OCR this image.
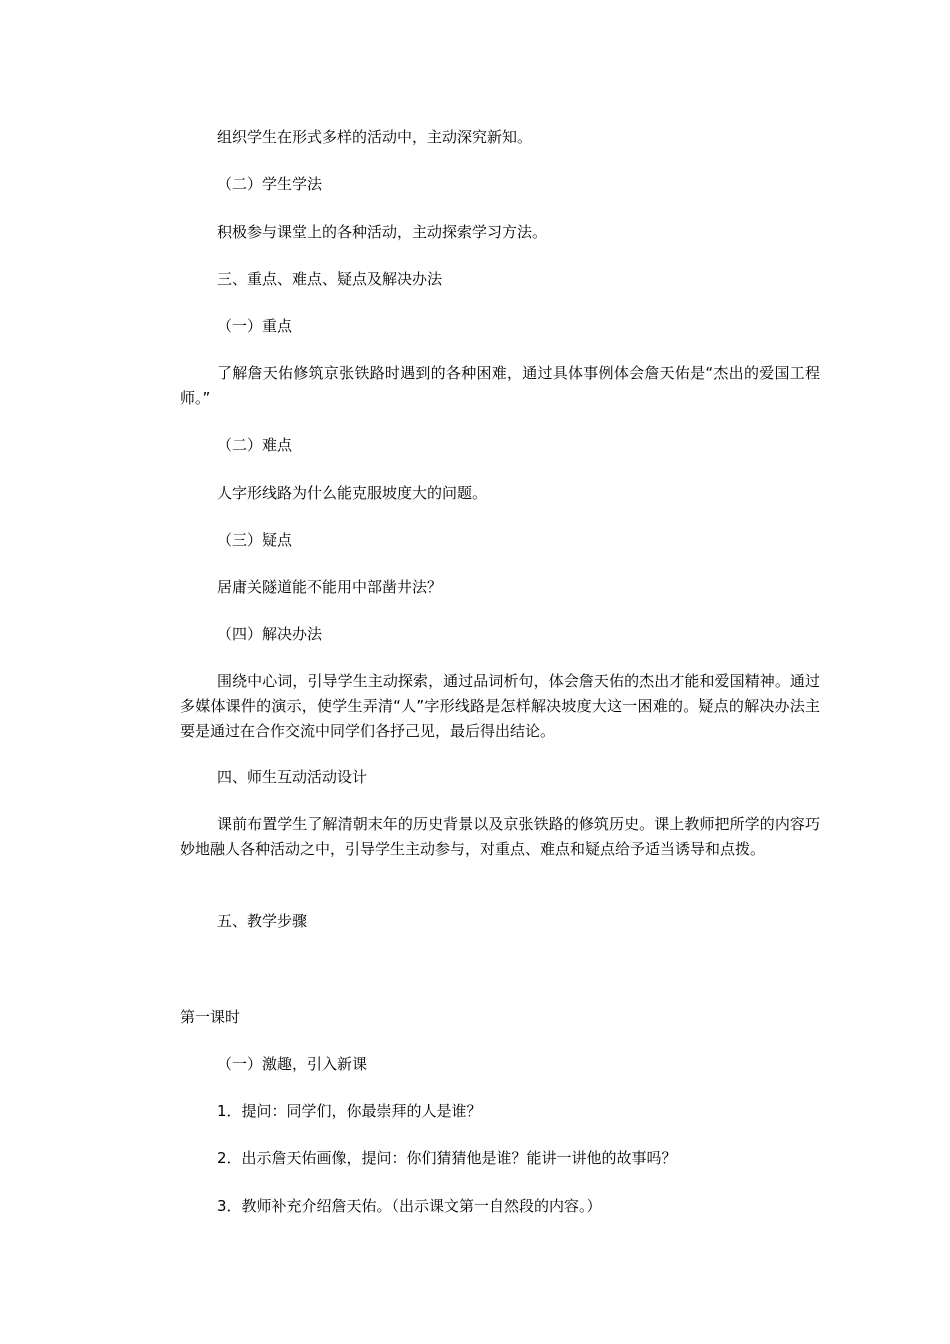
组织学生在形式多样的活动中，主动深究新知。

（二）学生学法

积极参与课堂上的各种活动，主动探索学习方法。

三、重点、难点、疑点及解决办法

（一）重点

了解詹天佑修筑京张铁路时遇到的各种困难，通过具体事例体会詹天佑是“杰出的爱国工程师。”

（二）难点

人字形线路为什么能克服坡度大的问题。

（三）疑点

居庸关隧道能不能用中部凿井法？

（四）解决办法

围绕中心词，引导学生主动探索，通过品词析句，体会詹天佑的杰出才能和爱国精神。通过多媒体课件的演示，使学生弄清“人”字形线路是怎样解决坡度大这一困难的。疑点的解决办法主要是通过在合作交流中同学们各抒己见，最后得出结论。

四、师生互动活动设计

课前布置学生了解清朝末年的历史背景以及京张铁路的修筑历史。课上教师把所学的内容巧妙地融人各种活动之中，引导学生主动参与，对重点、难点和疑点给予适当诱导和点拨。

五、教学步骤

第一课时

（一）激趣，引入新课

1．提问：同学们，你最崇拜的人是谁？

2．出示詹天佑画像，提问：你们猜猜他是谁？能讲一讲他的故事吗？

3．教师补充介绍詹天佑。（出示课文第一自然段的内容。）
